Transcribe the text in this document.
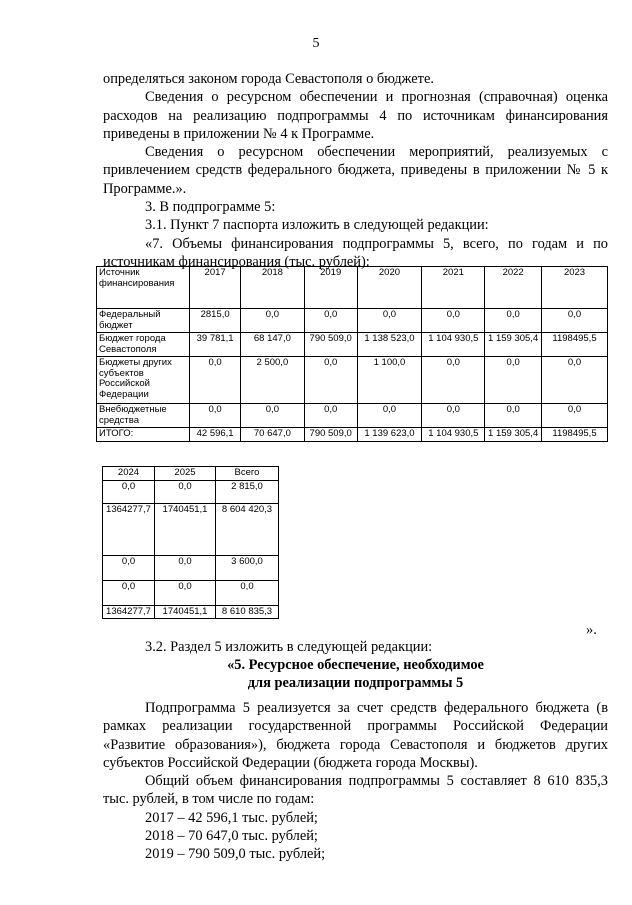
5

определяться законом города Севастополя о бюджете.

Сведения о ресурсном обеспечении и прогнозная (справочная) оценка расходов на реализацию подпрограммы 4 по источникам финансирования приведены в приложении № 4 к Программе.

Сведения о ресурсном обеспечении мероприятий, реализуемых с привлечением средств федерального бюджета, приведены в приложении № 5 к Программе.».

3. В подпрограмме 5:

3.1. Пункт 7 паспорта изложить в следующей редакции:

«7. Объемы финансирования подпрограммы 5, всего, по годам и по источникам финансирования (тыс. рублей):

Источник финансирования	2017	2018	2019	2020	2021	2022	2023
Федеральный бюджет	2815,0	0,0	0,0	0,0	0,0	0,0	0,0
Бюджет города Севастополя	39 781,1	68 147,0	790 509,0	1 138 523,0	1 104 930,5	1 159 305,4	1198495,5
Бюджеты других субъектов Российской Федерации	0,0	2 500,0	0,0	1 100,0	0,0	0,0	0,0
Внебюджетные средства	0,0	0,0	0,0	0,0	0,0	0,0	0,0
ИТОГО:	42 596,1	70 647,0	790 509,0	1 139 623,0	1 104 930,5	1 159 305,4	1198495,5
2024	2025	Всего
0,0	0,0	2 815,0
1364277,7	1740451,1	8 604 420,3
0,0	0,0	3 600,0
0,0	0,0	0,0
1364277,7	1740451,1	8 610 835,3
».

3.2. Раздел 5 изложить в следующей редакции:

«5. Ресурсное обеспечение, необходимое
для реализации подпрограммы 5

Подпрограмма 5 реализуется за счет средств федерального бюджета (в рамках реализации государственной программы Российской Федерации «Развитие образования»), бюджета города Севастополя и бюджетов других субъектов Российской Федерации (бюджета города Москвы).

Общий объем финансирования подпрограммы 5 составляет 8 610 835,3 тыс. рублей, в том числе по годам:

2017 – 42 596,1 тыс. рублей;

2018 – 70 647,0 тыс. рублей;

2019 – 790 509,0 тыс. рублей;
